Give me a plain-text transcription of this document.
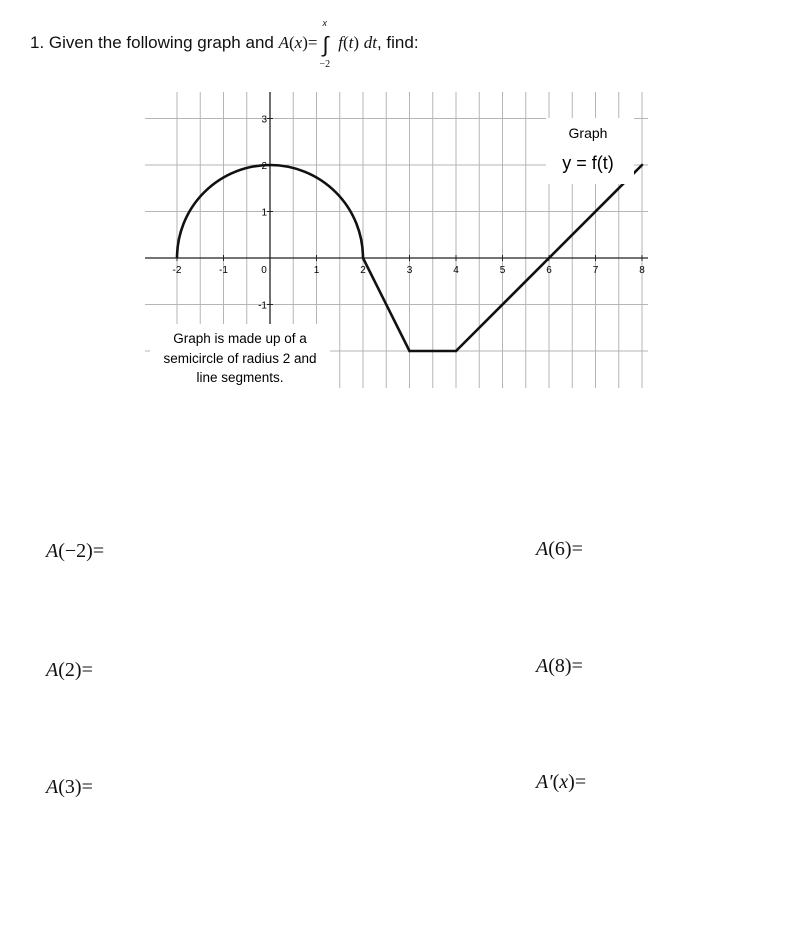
1. Given the following graph and A(x)= ∫
x
−2
f(t) dt, find:
-2	-1	0	1	2	3	4	5	6	7	8
3
2
1
-1
Graph
y = f(t)
Graph is made up of a
semicircle of radius 2 and
line segments.
A(−2)=	A(6)=
A(2)=	A(8)=
A(3)=	A′(x)=
